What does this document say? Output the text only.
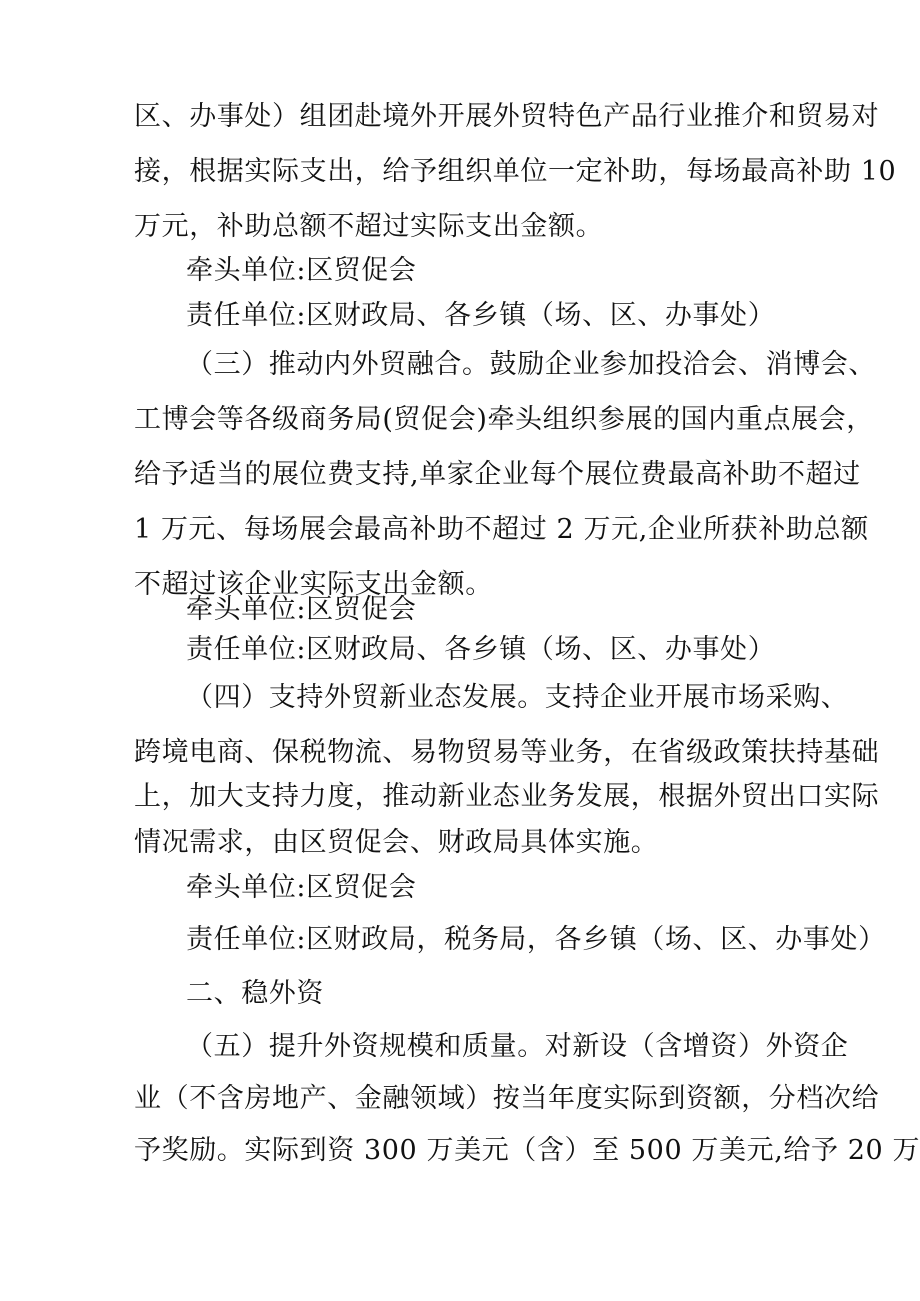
区、办事处）组团赴境外开展外贸特色产品行业推介和贸易对
接，根据实际支出，给予组织单位一定补助，每场最高补助 10
万元，补助总额不超过实际支出金额。
牵头单位:区贸促会
责任单位:区财政局、各乡镇（场、区、办事处）
（三）推动内外贸融合。鼓励企业参加投洽会、消博会、
工博会等各级商务局(贸促会)牵头组织参展的国内重点展会，
给予适当的展位费支持,单家企业每个展位费最高补助不超过
1 万元、每场展会最高补助不超过 2 万元,企业所获补助总额
不超过该企业实际支出金额。
牵头单位:区贸促会
责任单位:区财政局、各乡镇（场、区、办事处）
（四）支持外贸新业态发展。支持企业开展市场采购、
跨境电商、保税物流、易物贸易等业务，在省级政策扶持基础
上，加大支持力度，推动新业态业务发展，根据外贸出口实际
情况需求，由区贸促会、财政局具体实施。
牵头单位:区贸促会
责任单位:区财政局，税务局，各乡镇（场、区、办事处）
二、稳外资
（五）提升外资规模和质量。对新设（含增资）外资企
业（不含房地产、金融领域）按当年度实际到资额，分档次给
予奖励。实际到资 300 万美元（含）至 500 万美元,给予 20 万
